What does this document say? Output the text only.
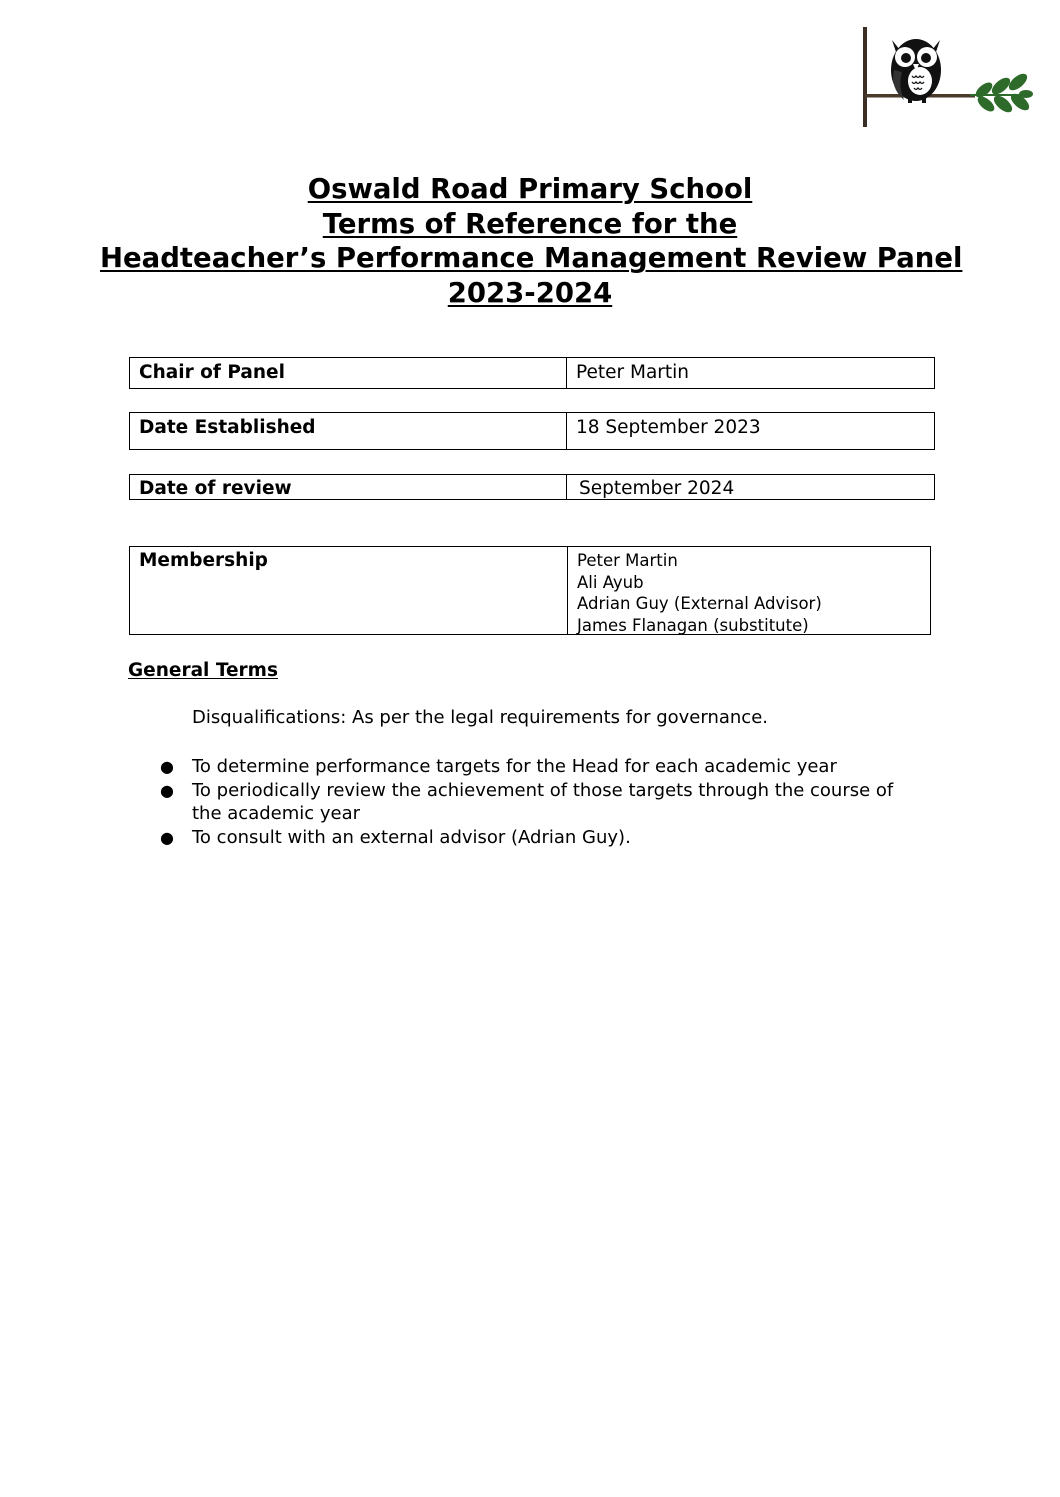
Oswald Road Primary School
Terms of Reference for the
Headteacher’s Performance Management Review Panel
2023-2024
Chair of Panel	Peter Martin
Date Established	18 September 2023
Date of review	September 2024
Membership	Peter Martin
Ali Ayub
Adrian Guy (External Advisor)
James Flanagan (substitute)
General Terms
Disqualifications: As per the legal requirements for governance.
● To determine performance targets for the Head for each academic year
● To periodically review the achievement of those targets through the course of the academic year
● To consult with an external advisor (Adrian Guy).
